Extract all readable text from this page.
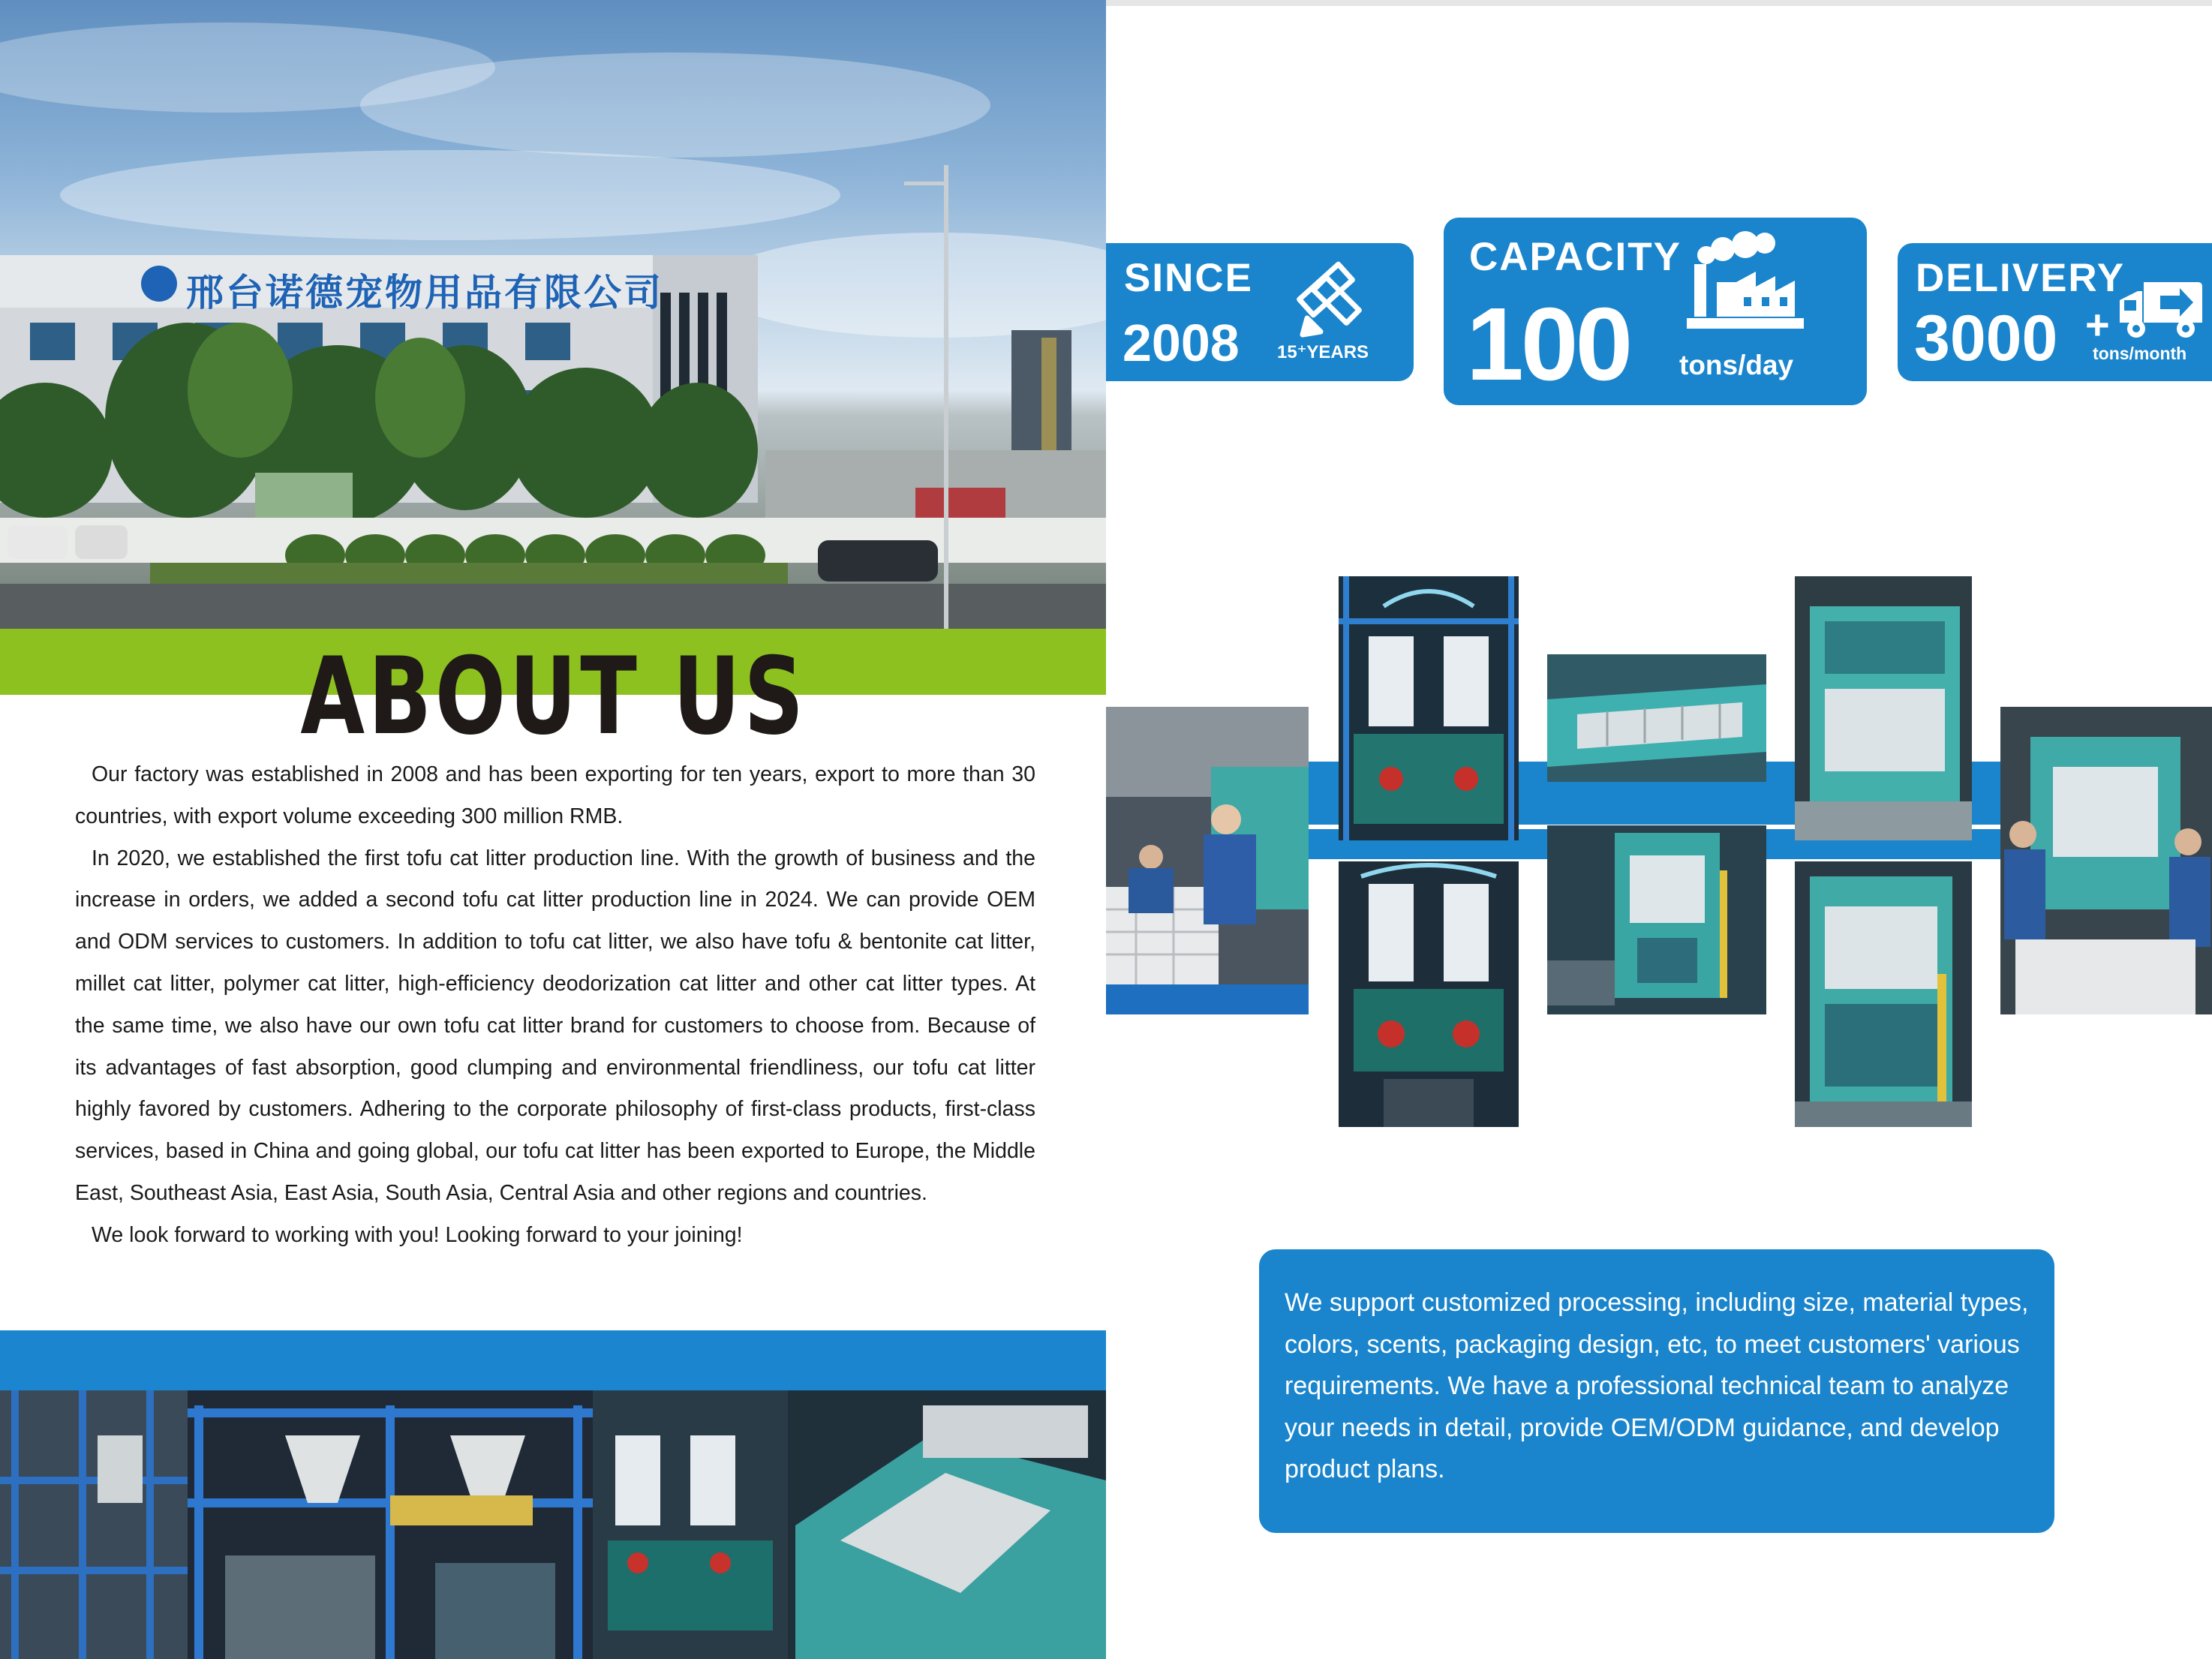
邢台诺德宠物用品有限公司
ABOUT US

Our factory was established in 2008 and has been exporting for ten years, export to more than 30 countries, with export volume exceeding 300 million RMB.

In 2020, we established the first tofu cat litter production line. With the growth of business and the increase in orders, we added a second tofu cat litter production line in 2024. We can provide OEM and ODM services to customers. In addition to tofu cat litter, we also have tofu & bentonite cat litter, millet cat litter, polymer cat litter, high-efficiency deodorization cat litter and other cat litter types. At the same time, we also have our own tofu cat litter brand for customers to choose from. Because of its advantages of fast absorption, good clumping and environmental friendliness, our tofu cat litter highly favored by customers. Adhering to the corporate philosophy of first-class products, first-class services, based in China and going global, our tofu cat litter has been exported to Europe, the Middle East, Southeast Asia, East Asia, South Asia, Central Asia and other regions and countries.

We look forward to working with you! Looking forward to your joining!

SINCE
2008 15⁺YEARS
CAPACITY
100 tons/day
DELIVERY
3000 +
tons/month
We support customized processing, including size, material types, colors, scents, packaging design, etc, to meet customers' various requirements. We have a professional technical team to analyze your needs in detail, provide OEM/ODM guidance, and develop product plans.
